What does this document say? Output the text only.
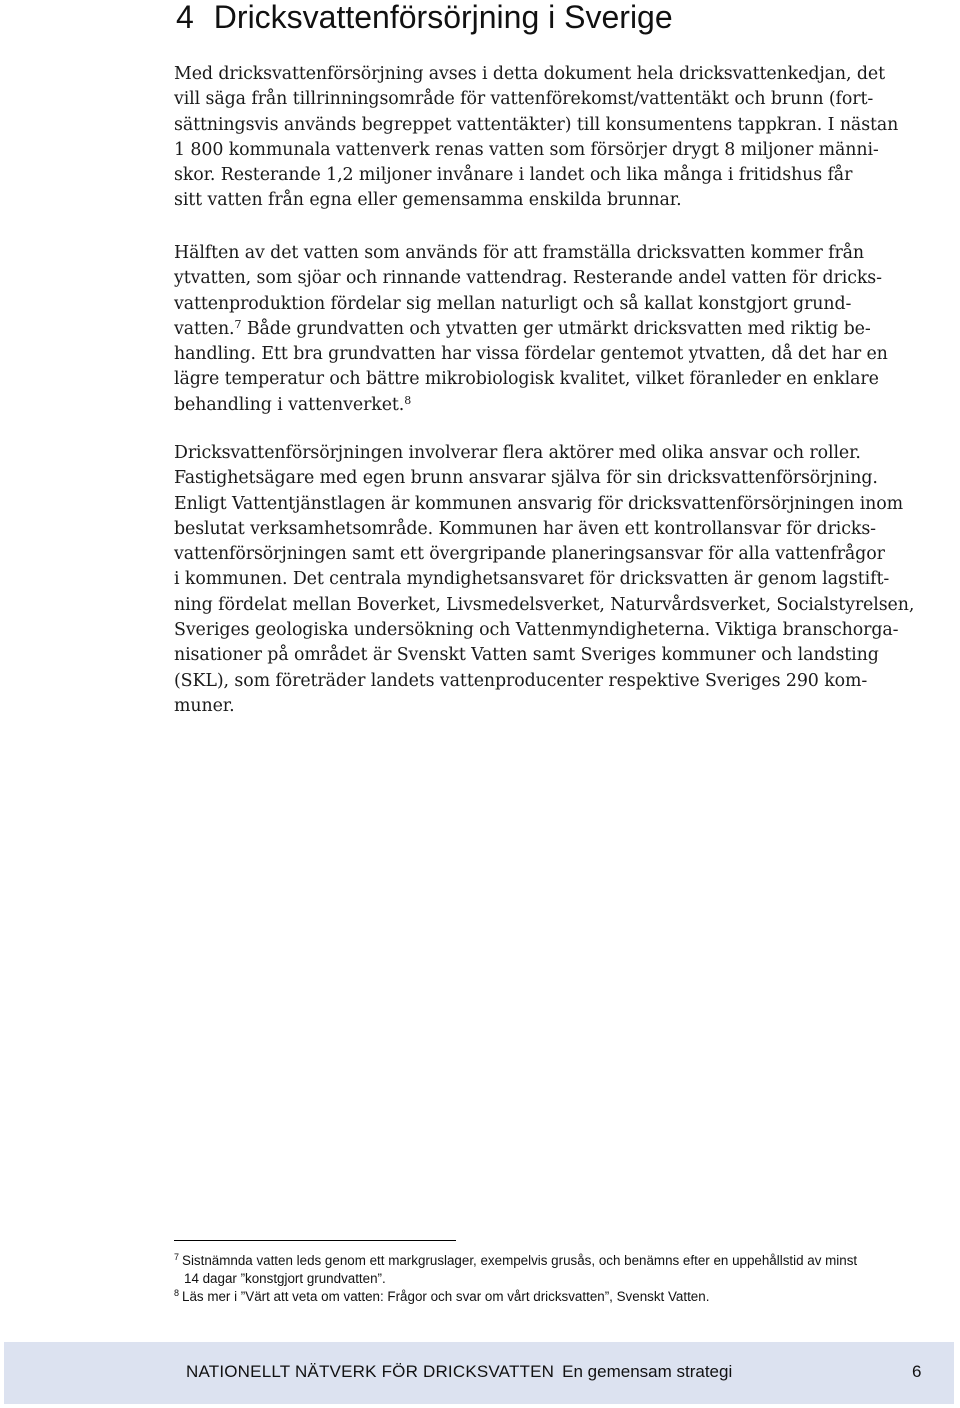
4 Dricksvattenförsörjning i Sverige
Med dricksvattenförsörjning avses i detta dokument hela dricksvattenkedjan, det
vill säga från tillrinningsområde för vattenförekomst/vattentäkt och brunn (fort-
sättningsvis används begreppet vattentäkter) till konsumentens tappkran. I nästan
1 800 kommunala vattenverk renas vatten som försörjer drygt 8 miljoner männi-
skor. Resterande 1,2 miljoner invånare i landet och lika många i fritidshus får
sitt vatten från egna eller gemensamma enskilda brunnar.
Hälften av det vatten som används för att framställa dricksvatten kommer från
ytvatten, som sjöar och rinnande vattendrag. Resterande andel vatten för dricks-
vattenproduktion fördelar sig mellan naturligt och så kallat konstgjort grund-
vatten.$^7$ Både grundvatten och ytvatten ger utmärkt dricksvatten med riktig be-
handling. Ett bra grundvatten har vissa fördelar gentemot ytvatten, då det har en
lägre temperatur och bättre mikrobiologisk kvalitet, vilket föranleder en enklare
behandling i vattenverket.$^8$
Dricksvattenförsörjningen involverar flera aktörer med olika ansvar och roller.
Fastighetsägare med egen brunn ansvarar själva för sin dricksvattenförsörjning.
Enligt Vattentjänstlagen är kommunen ansvarig för dricksvattenförsörjningen inom
beslutat verksamhetsområde. Kommunen har även ett kontrollansvar för dricks-
vattenförsörjningen samt ett övergripande planeringsansvar för alla vattenfrågor
i kommunen. Det centrala myndighetsansvaret för dricksvatten är genom lagstift-
ning fördelat mellan Boverket, Livsmedelsverket, Naturvårdsverket, Socialstyrelsen,
Sveriges geologiska undersökning och Vattenmyndigheterna. Viktiga branschorga-
nisationer på området är Svenskt Vatten samt Sveriges kommuner och landsting
(SKL), som företräder landets vattenproducenter respektive Sveriges 290 kom-
muner.

$^7$ Sistnämnda vatten leds genom ett markgruslager, exempelvis grusås, och benämns efter en uppehållstid av minst

14 dagar ”konstgjort grundvatten”.

$^8$ Läs mer i ”Värt att veta om vatten: Frågor och svar om vårt dricksvatten”, Svenskt Vatten.

NATIONELLT NÄTVERK FÖR DRICKSVATTEN En gemensam strategi	6
